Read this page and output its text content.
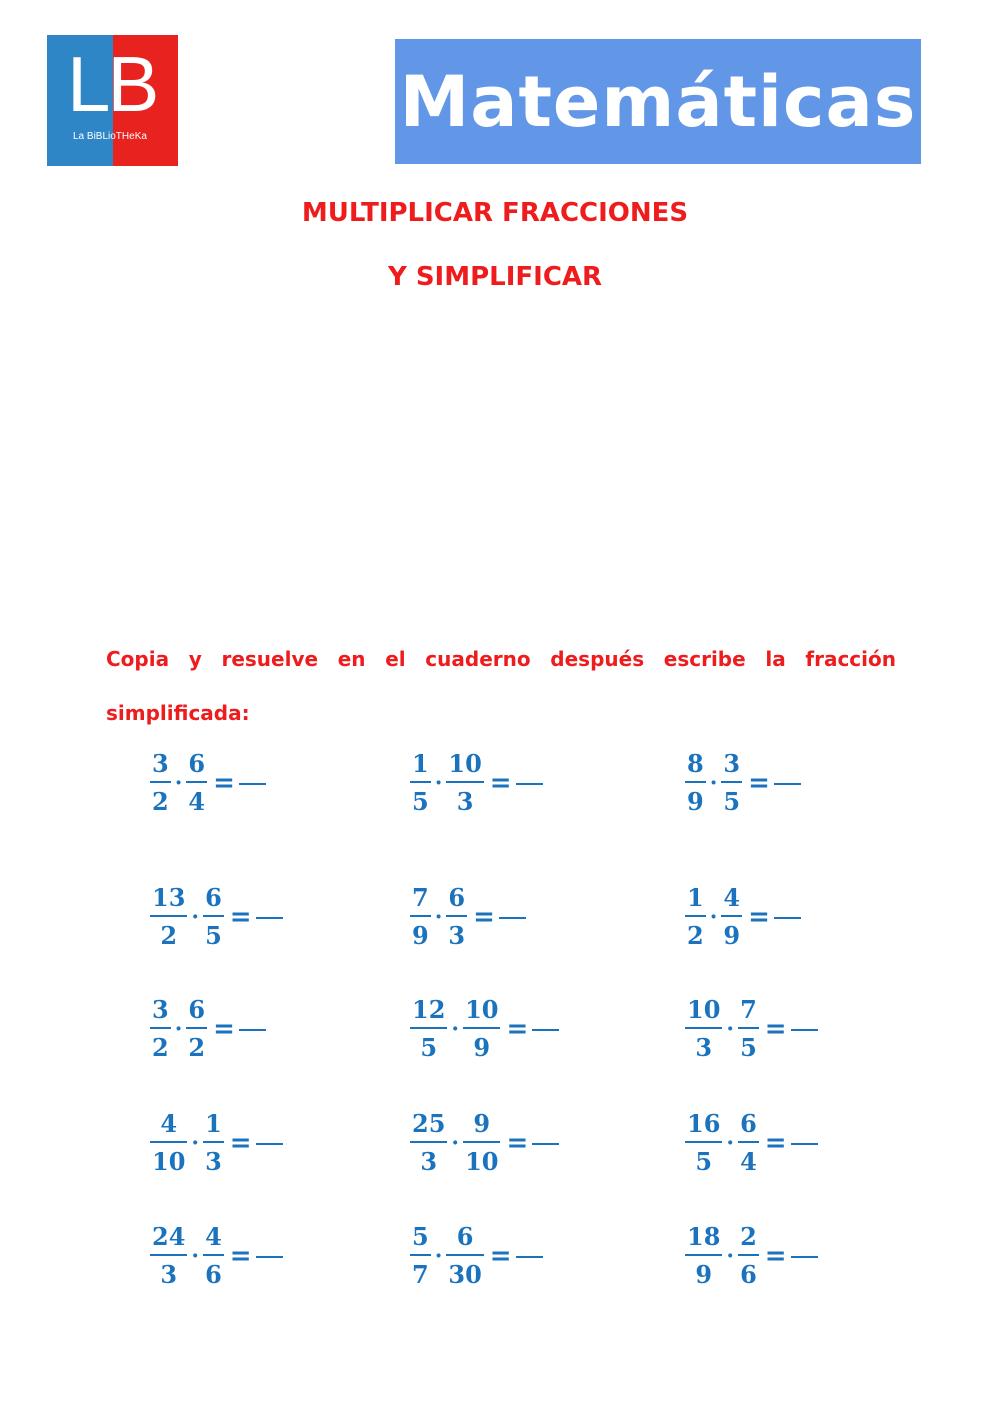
LB
La BiBLioTHeKa	Matemáticas
MULTIPLICAR FRACCIONES
Y SIMPLIFICAR
Copia y resuelve en el cuaderno después escribe la fracción
simplificada:
$\frac{3}{2} \cdot \frac{6}{4}$ =	$\frac{1}{5} \cdot \frac{10}{3}$ =	$\frac{8}{9} \cdot \frac{3}{5}$ =
$\frac{13}{2} \cdot \frac{6}{5}$ =	$\frac{7}{9} \cdot \frac{6}{3}$ =	$\frac{1}{2} \cdot \frac{4}{9}$ =
$\frac{3}{2} \cdot \frac{6}{2}$ =	$\frac{12}{5} \cdot \frac{10}{9}$ =	$\frac{10}{3} \cdot \frac{7}{5}$ =
$\frac{4}{10} \cdot \frac{1}{3}$ =	$\frac{25}{3} \cdot \frac{9}{10}$ =	$\frac{16}{5} \cdot \frac{6}{4}$ =
$\frac{24}{3} \cdot \frac{4}{6}$ =	$\frac{5}{7} \cdot \frac{6}{30}$ =	$\frac{18}{9} \cdot \frac{2}{6}$ =
